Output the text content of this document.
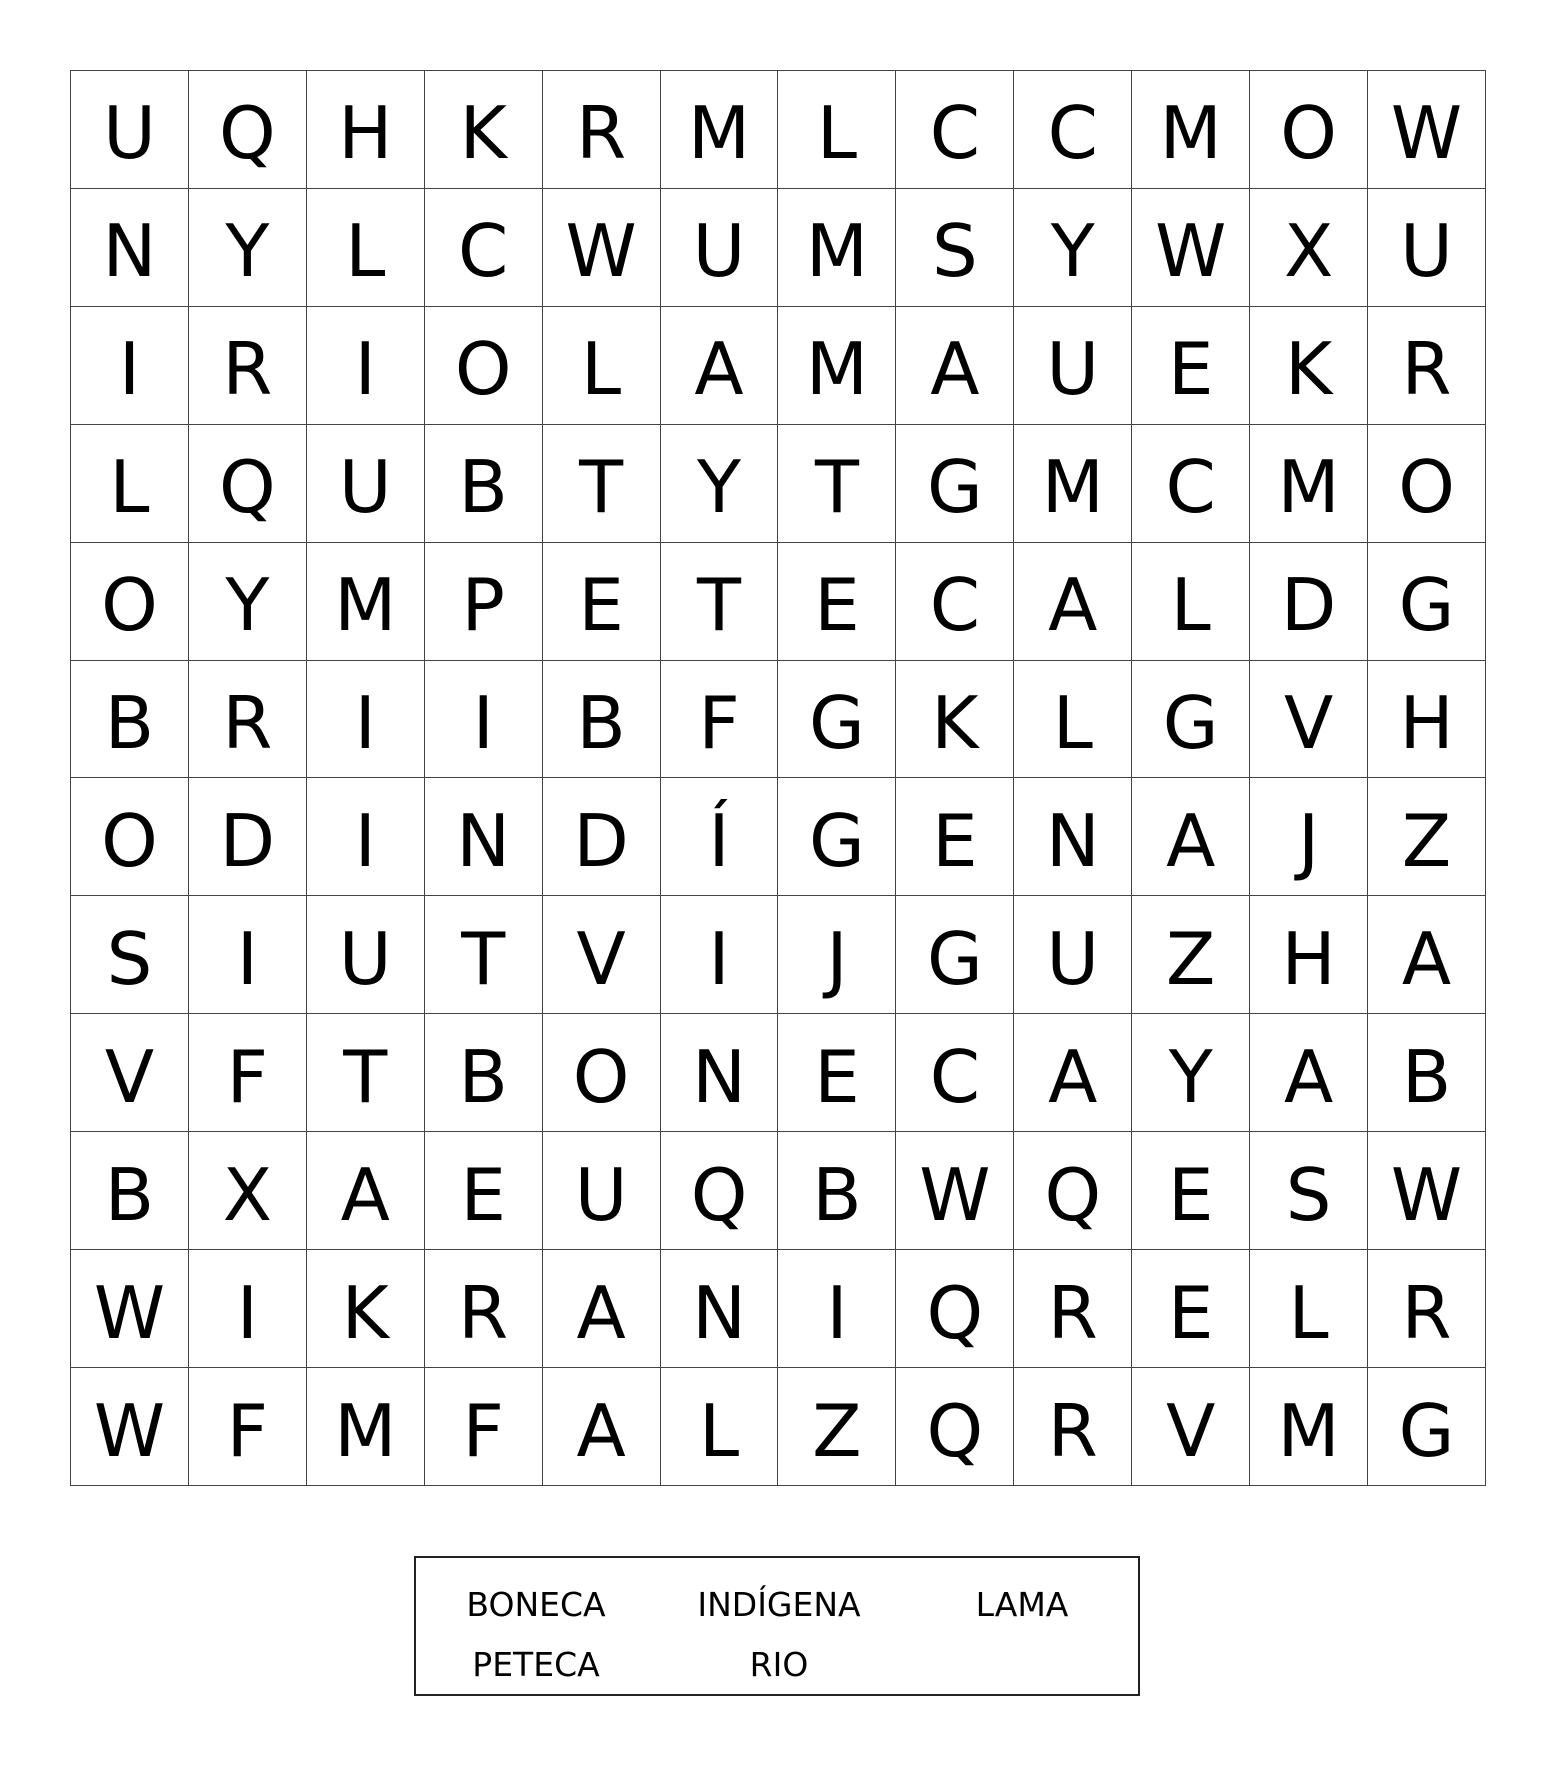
U Q H K R M L	C C M O W
N Y	L	C W U M S	Y W X U
I	R	I	O L	A M A U E K R
L Q U B T	Y	T G M C M O
O Y M P	E	T	E C A	L D G
B R	I	I	B	F G K	L G V H
O D	I	N D	Í	G E N A	J	Z
S	I	U T V	I	J	G U Z H A
V	F	T B O N E C A Y A B
B X A E U Q B W Q E	S W
W I	K R A N	I	Q R E	L	R
W F M F	A	L	Z Q R V M G
BONECA	INDÍGENA	LAMA
PETECA	RIO
